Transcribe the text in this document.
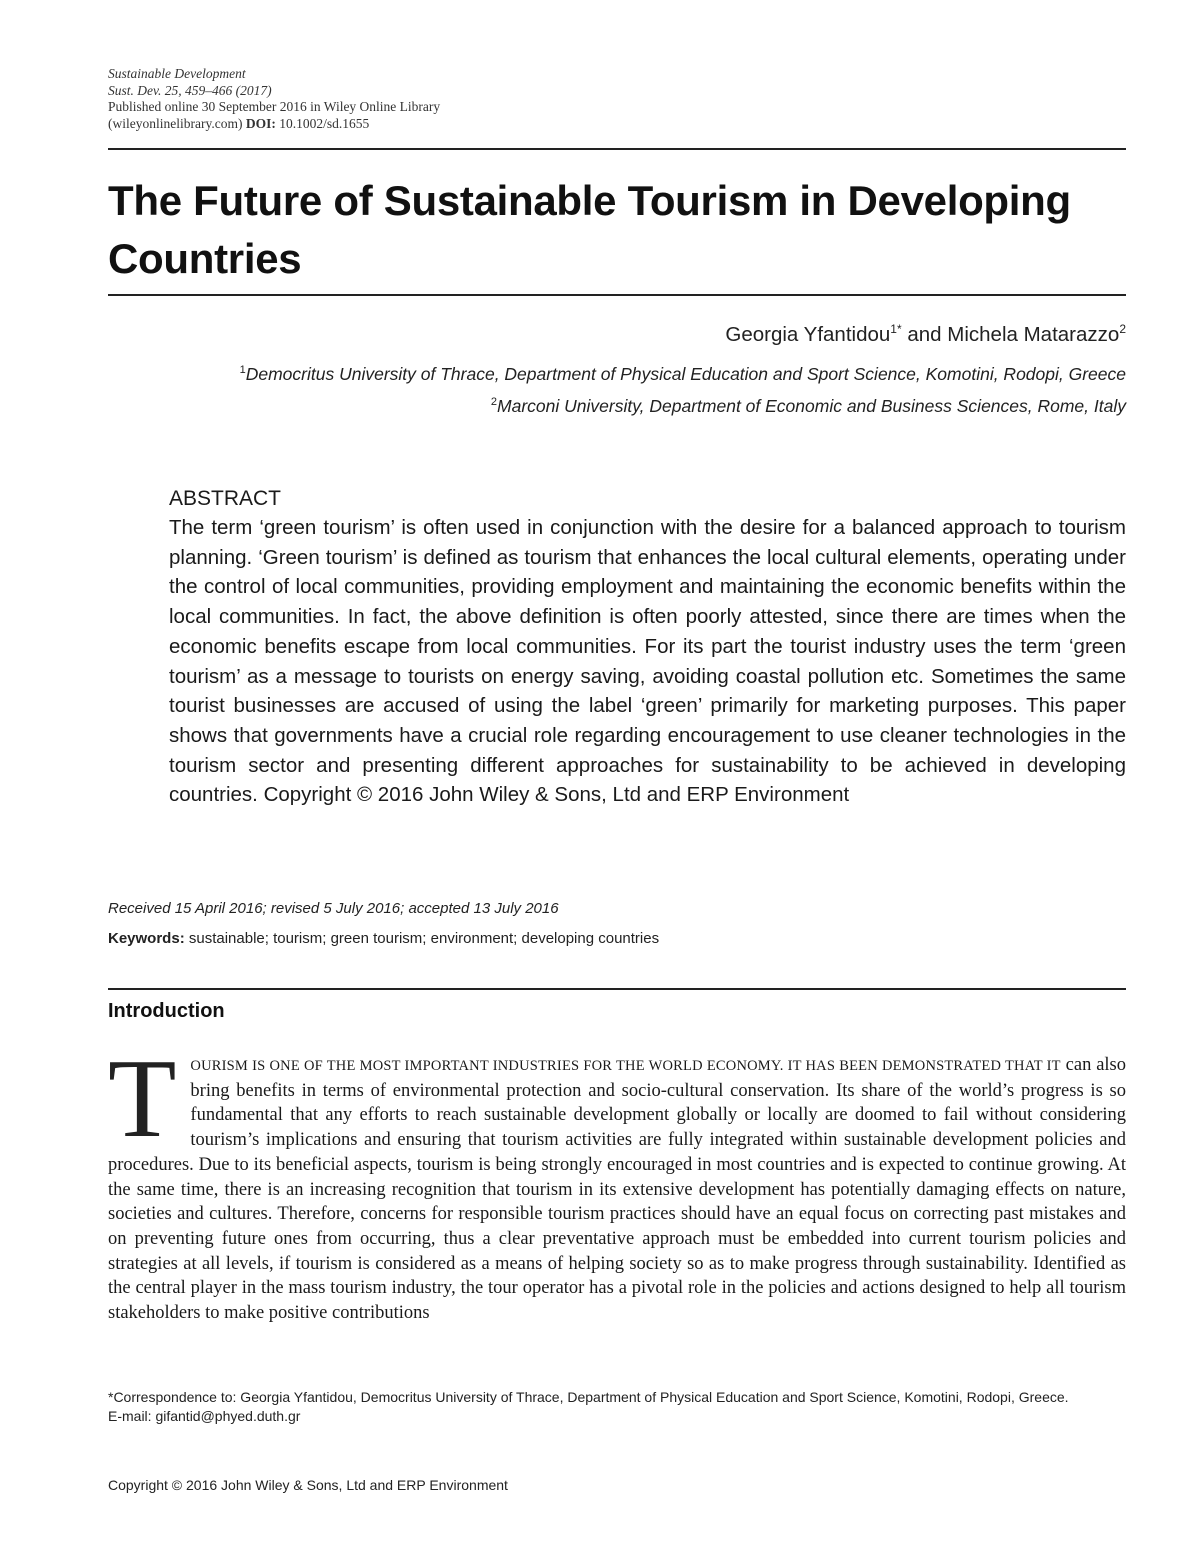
Sustainable Development
Sust. Dev. 25, 459–466 (2017)
Published online 30 September 2016 in Wiley Online Library
(wileyonlinelibrary.com) DOI: 10.1002/sd.1655
The Future of Sustainable Tourism in Developing Countries
Georgia Yfantidou$^{1*}$ and Michela Matarazzo$^2$
$^1$Democritus University of Thrace, Department of Physical Education and Sport Science, Komotini, Rodopi, Greece
$^2$Marconi University, Department of Economic and Business Sciences, Rome, Italy
ABSTRACT

The term ‘green tourism’ is often used in conjunction with the desire for a balanced approach to tourism planning. ‘Green tourism’ is defined as tourism that enhances the local cultural elements, operating under the control of local communities, providing employment and maintaining the economic benefits within the local communities. In fact, the above definition is often poorly attested, since there are times when the economic benefits escape from local communities. For its part the tourist industry uses the term ‘green tourism’ as a message to tourists on energy saving, avoiding coastal pollution etc. Sometimes the same tourist businesses are accused of using the label ‘green’ primarily for marketing purposes. This paper shows that governments have a crucial role regarding encouragement to use cleaner technologies in the tourism sector and presenting different approaches for sustainability to be achieved in developing countries. Copyright © 2016 John Wiley & Sons, Ltd and ERP Environment

Received 15 April 2016; revised 5 July 2016; accepted 13 July 2016
Keywords: sustainable; tourism; green tourism; environment; developing countries
Introduction

TOURISM IS ONE OF THE MOST IMPORTANT INDUSTRIES FOR THE WORLD ECONOMY. IT HAS BEEN DEMONSTRATED THAT IT can also bring benefits in terms of environmental protection and socio-cultural conservation. Its share of the world’s progress is so fundamental that any efforts to reach sustainable development globally or locally are doomed to fail without considering tourism’s implications and ensuring that tourism activities are fully integrated within sustainable development policies and procedures. Due to its beneficial aspects, tourism is being strongly encouraged in most countries and is expected to continue growing. At the same time, there is an increasing recognition that tourism in its extensive development has potentially damaging effects on nature, societies and cultures. Therefore, concerns for responsible tourism practices should have an equal focus on correcting past mistakes and on preventing future ones from occurring, thus a clear preventative approach must be embedded into current tourism policies and strategies at all levels, if tourism is considered as a means of helping society so as to make progress through sustainability. Identified as the central player in the mass tourism industry, the tour operator has a pivotal role in the policies and actions designed to help all tourism stakeholders to make positive contributions

*Correspondence to: Georgia Yfantidou, Democritus University of Thrace, Department of Physical Education and Sport Science, Komotini, Rodopi, Greece.

E-mail: gifantid@phyed.duth.gr

Copyright © 2016 John Wiley & Sons, Ltd and ERP Environment
